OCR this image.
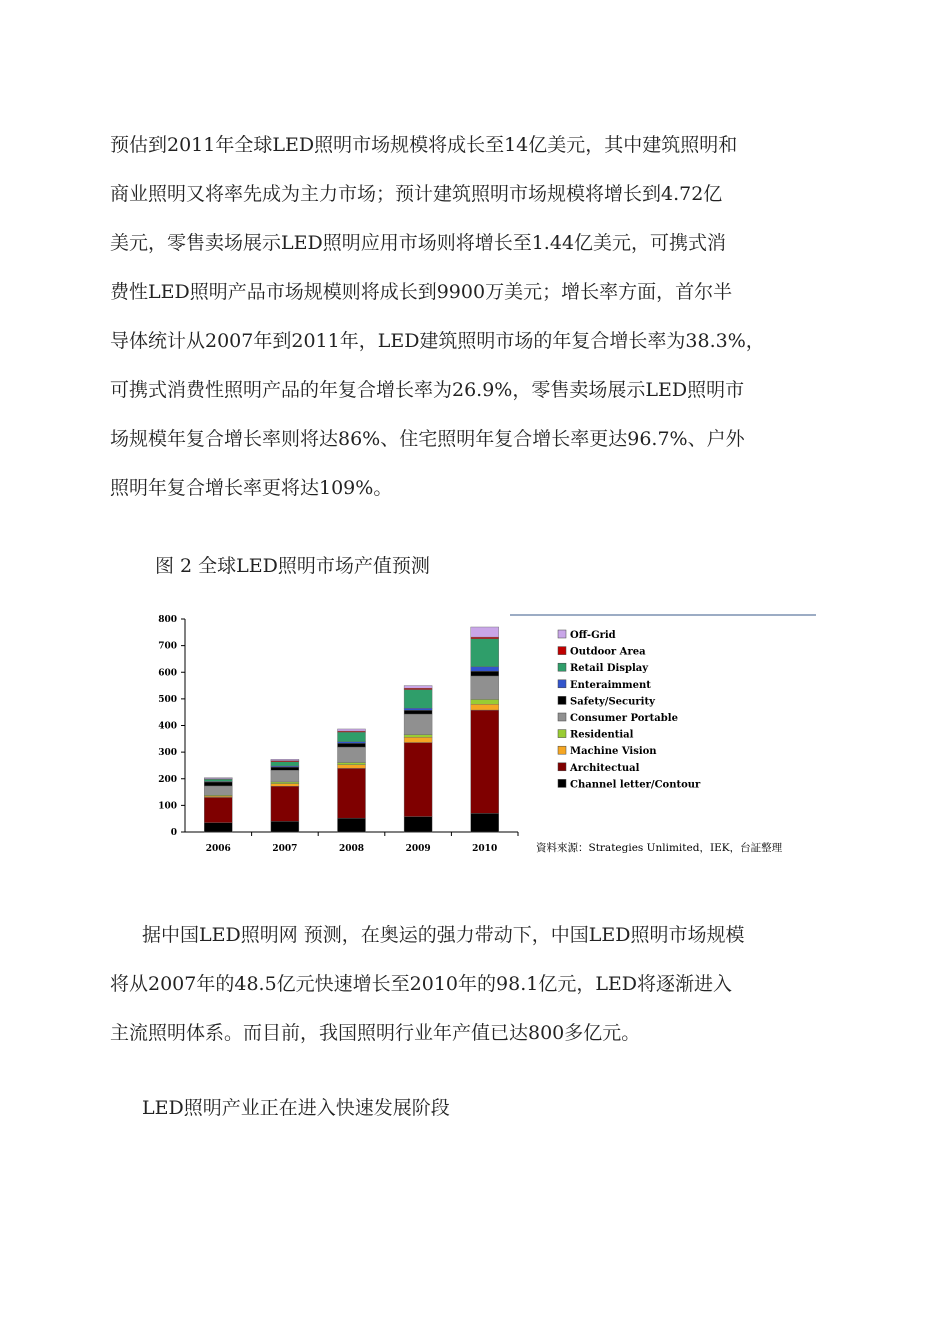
预估到2011年全球LED照明市场规模将成长至14亿美元，其中建筑照明和
商业照明又将率先成为主力市场；预计建筑照明市场规模将增长到4.72亿
美元，零售卖场展示LED照明应用市场则将增长至1.44亿美元，可携式消
费性LED照明产品市场规模则将成长到9900万美元；增长率方面，首尔半
导体统计从2007年到2011年，LED建筑照明市场的年复合增长率为38.3%，
可携式消费性照明产品的年复合增长率为26.9%，零售卖场展示LED照明市
场规模年复合增长率则将达86%、住宅照明年复合增长率更达96.7%、户外
照明年复合增长率更将达109%。
图 2 全球LED照明市场产值预测
0
100
200
300
400
500
600
700
800
2006	2007	2008	2009	2010
Off-Grid
Outdoor Area
Retail Display
Enteraimment
Safety/Security
Consumer Portable
Residential
Machine Vision
Architectual
Channel letter/Contour
資料來源：Strategies Unlimited，IEK，台証整理
据中国LED照明网 预测，在奥运的强力带动下，中国LED照明市场规模
将从2007年的48.5亿元快速增长至2010年的98.1亿元，LED将逐渐进入
主流照明体系。而目前，我国照明行业年产值已达800多亿元。
LED照明产业正在进入快速发展阶段
